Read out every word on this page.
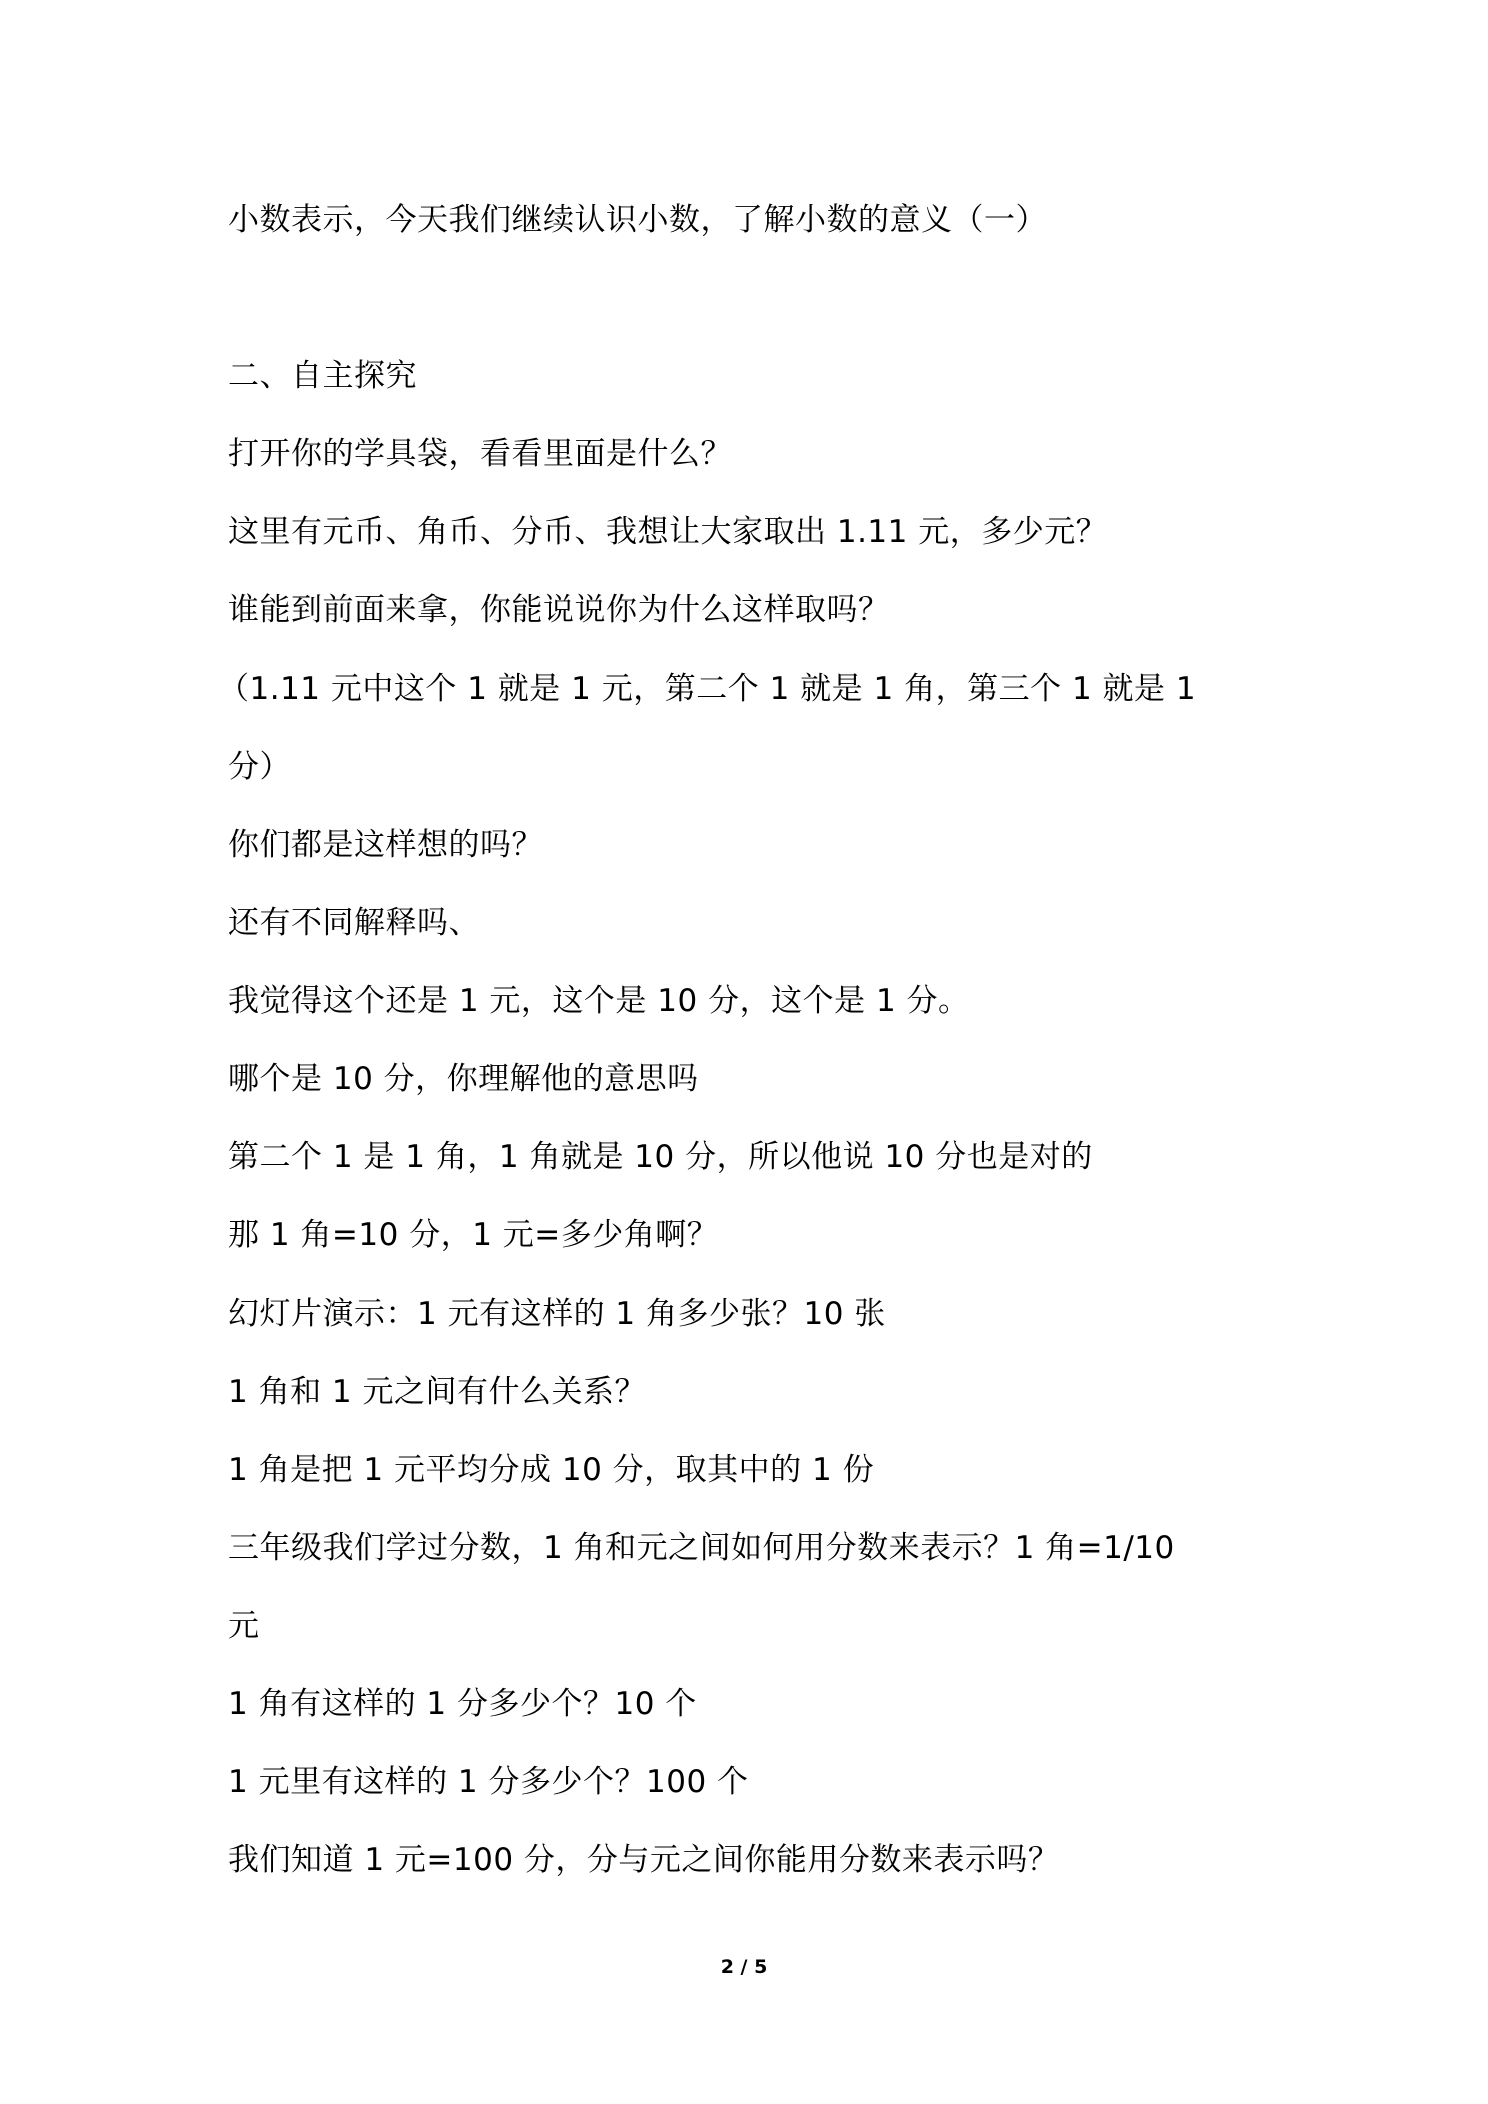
小数表示，今天我们继续认识小数，了解小数的意义（一）

二、自主探究

打开你的学具袋，看看里面是什么？

这里有元币、角币、分币、我想让大家取出 1.11 元，多少元？

谁能到前面来拿，你能说说你为什么这样取吗？

（1.11 元中这个 1 就是 1 元，第二个 1 就是 1 角，第三个 1 就是 1

分）

你们都是这样想的吗？

还有不同解释吗、

我觉得这个还是 1 元，这个是 10 分，这个是 1 分。

哪个是 10 分，你理解他的意思吗

第二个 1 是 1 角，1 角就是 10 分，所以他说 10 分也是对的

那 1 角=10 分，1 元=多少角啊？

幻灯片演示：1 元有这样的 1 角多少张？10 张

1 角和 1 元之间有什么关系？

1 角是把 1 元平均分成 10 分，取其中的 1 份

三年级我们学过分数，1 角和元之间如何用分数来表示？1 角=1/10

元

1 角有这样的 1 分多少个？10 个

1 元里有这样的 1 分多少个？100 个

我们知道 1 元=100 分，分与元之间你能用分数来表示吗？

2 / 5
